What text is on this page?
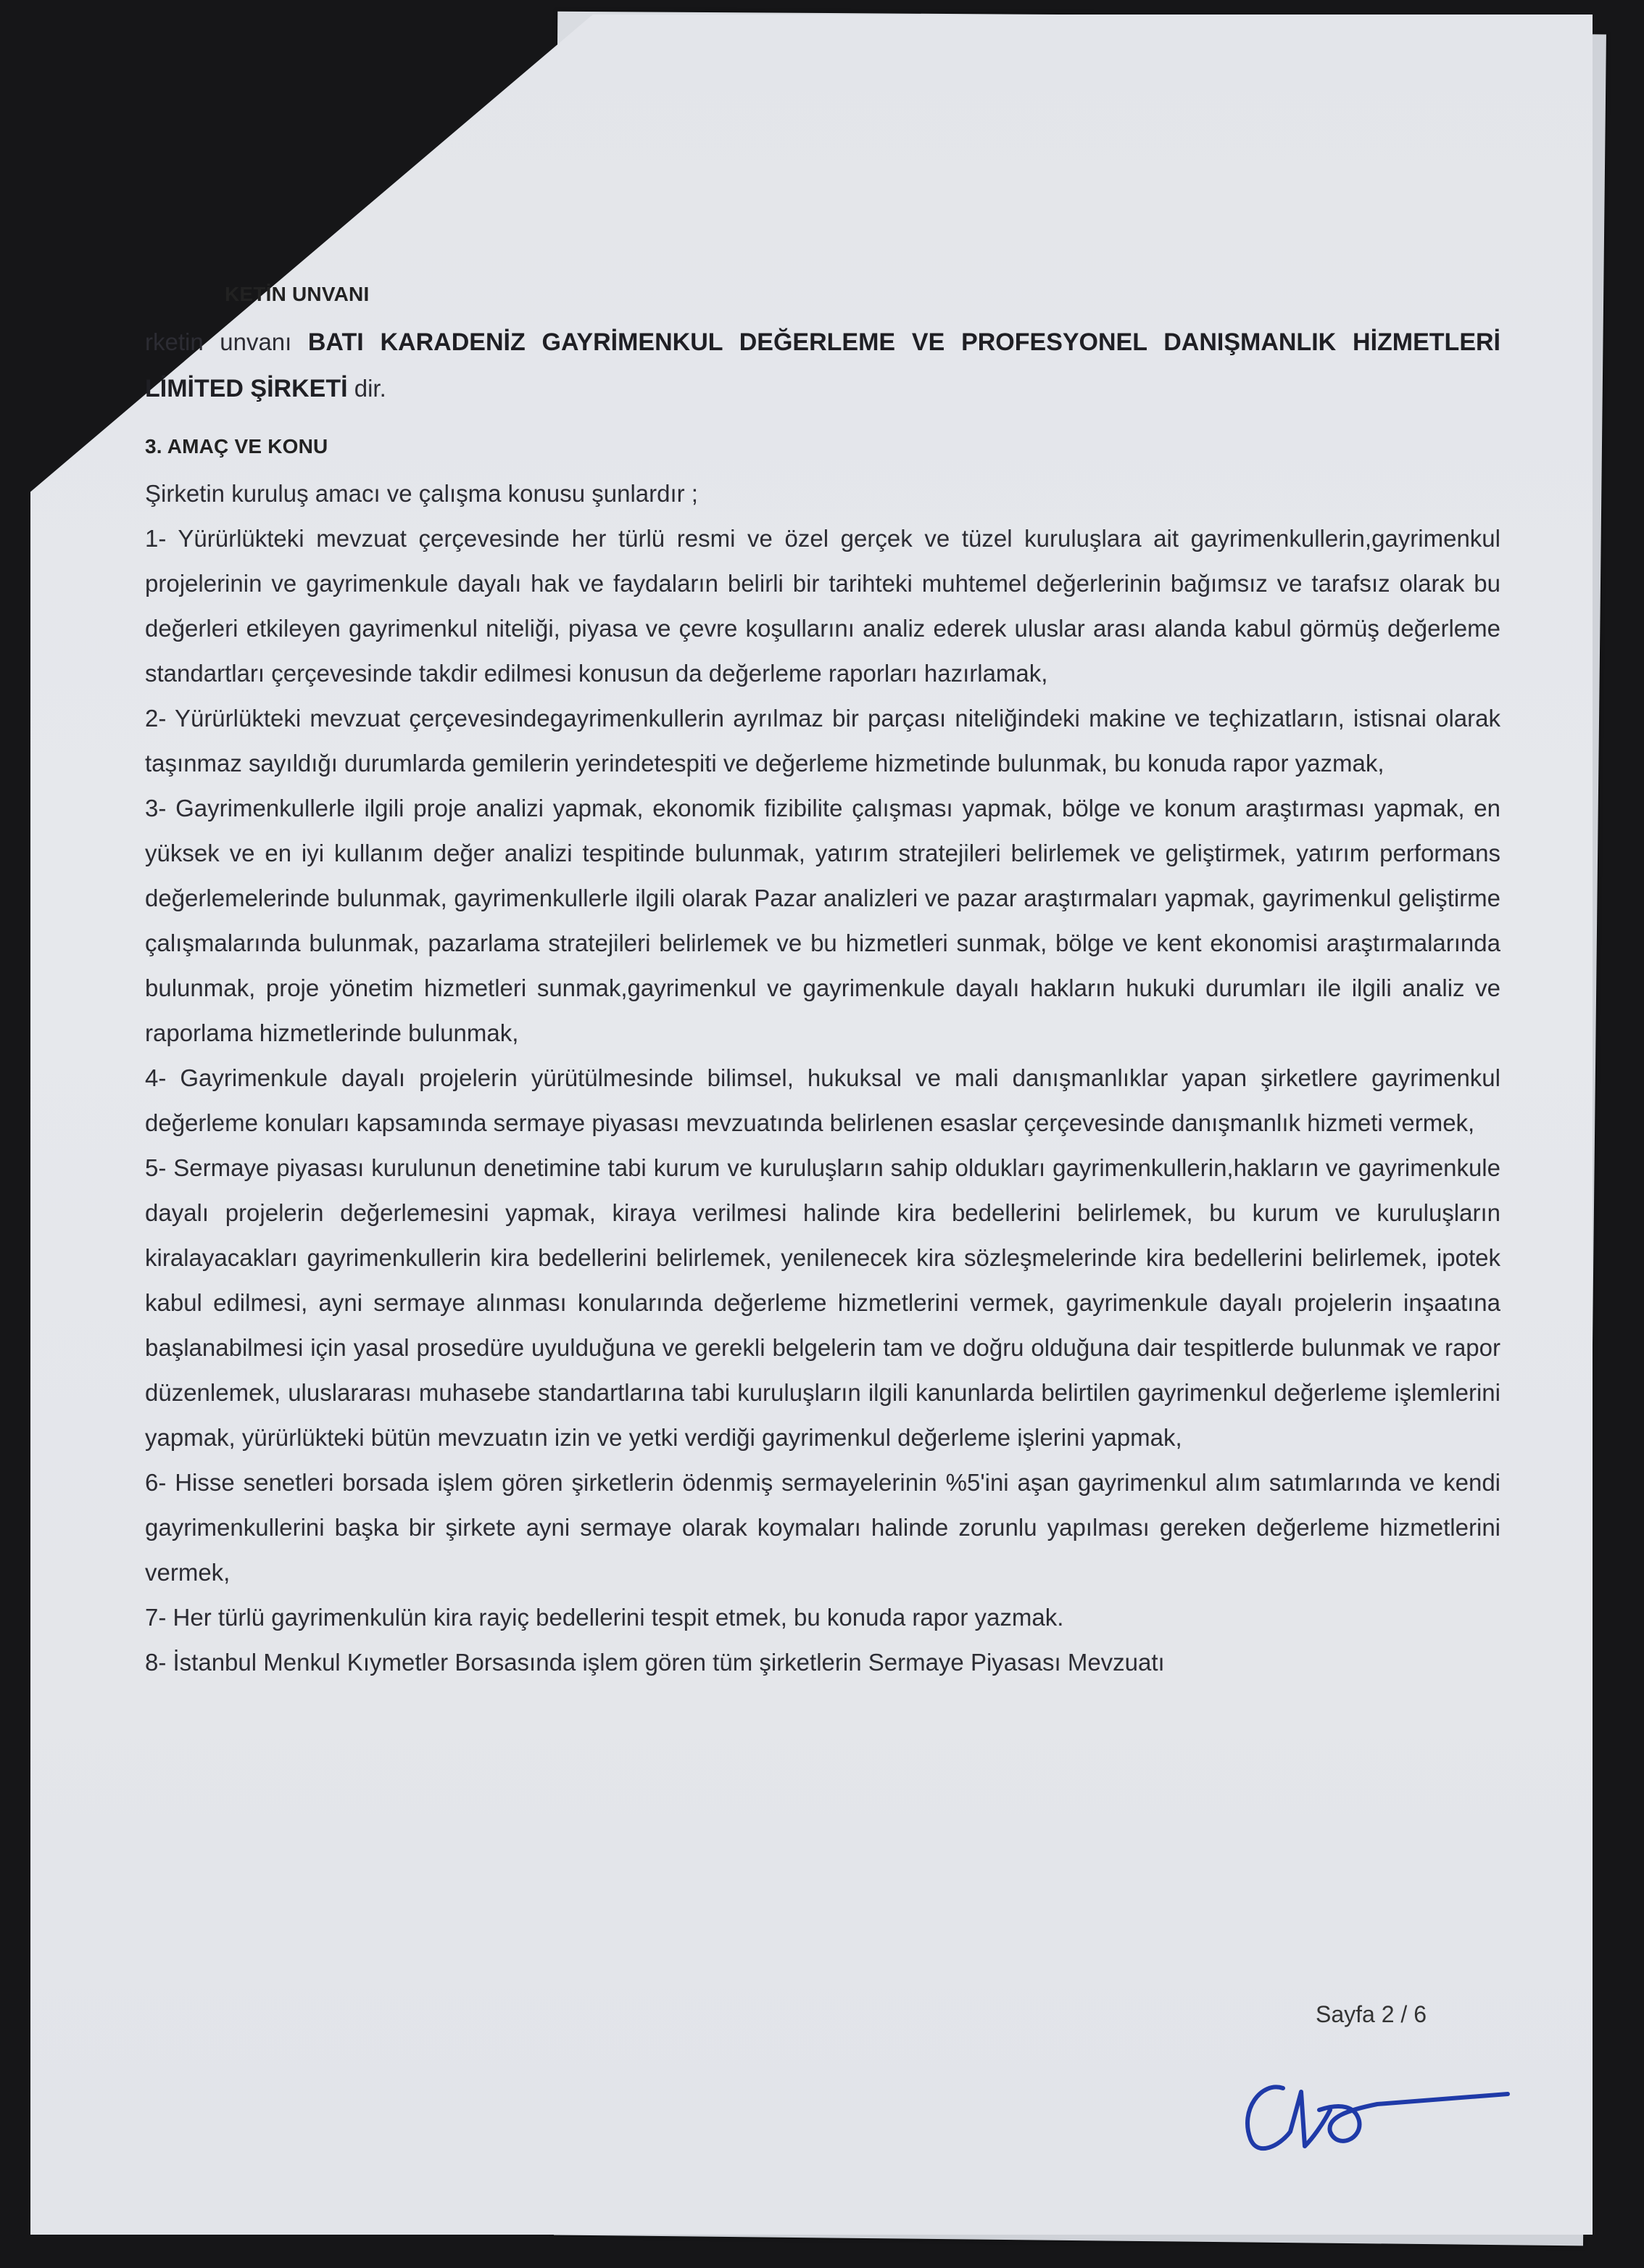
KETİN UNVANI

rketin unvanı BATI KARADENİZ GAYRİMENKUL DEĞERLEME VE PROFESYONEL DANIŞMANLIK HİZMETLERİ LİMİTED ŞİRKETİ dir.

3. AMAÇ VE KONU

Şirketin kuruluş amacı ve çalışma konusu şunlardır ;

1- Yürürlükteki mevzuat çerçevesinde her türlü resmi ve özel gerçek ve tüzel kuruluşlara ait gayrimenkullerin,gayrimenkul projelerinin ve gayrimenkule dayalı hak ve faydaların belirli bir tarihteki muhtemel değerlerinin bağımsız ve tarafsız olarak bu değerleri etkileyen gayrimenkul niteliği, piyasa ve çevre koşullarını analiz ederek uluslar arası alanda kabul görmüş değerleme standartları çerçevesinde takdir edilmesi konusun da değerleme raporları hazırlamak,

2- Yürürlükteki mevzuat çerçevesindegayrimenkullerin ayrılmaz bir parçası niteliğindeki makine ve teçhizatların, istisnai olarak taşınmaz sayıldığı durumlarda gemilerin yerindetespiti ve değerleme hizmetinde bulunmak, bu konuda rapor yazmak,

3- Gayrimenkullerle ilgili proje analizi yapmak, ekonomik fizibilite çalışması yapmak, bölge ve konum araştırması yapmak, en yüksek ve en iyi kullanım değer analizi tespitinde bulunmak, yatırım stratejileri belirlemek ve geliştirmek, yatırım performans değerlemelerinde bulunmak, gayrimenkullerle ilgili olarak Pazar analizleri ve pazar araştırmaları yapmak, gayrimenkul geliştirme çalışmalarında bulunmak, pazarlama stratejileri belirlemek ve bu hizmetleri sunmak, bölge ve kent ekonomisi araştırmalarında bulunmak, proje yönetim hizmetleri sunmak,gayrimenkul ve gayrimenkule dayalı hakların hukuki durumları ile ilgili analiz ve raporlama hizmetlerinde bulunmak,

4- Gayrimenkule dayalı projelerin yürütülmesinde bilimsel, hukuksal ve mali danışmanlıklar yapan şirketlere gayrimenkul değerleme konuları kapsamında sermaye piyasası mevzuatında belirlenen esaslar çerçevesinde danışmanlık hizmeti vermek,

5- Sermaye piyasası kurulunun denetimine tabi kurum ve kuruluşların sahip oldukları gayrimenkullerin,hakların ve gayrimenkule dayalı projelerin değerlemesini yapmak, kiraya verilmesi halinde kira bedellerini belirlemek, bu kurum ve kuruluşların kiralayacakları gayrimenkullerin kira bedellerini belirlemek, yenilenecek kira sözleşmelerinde kira bedellerini belirlemek, ipotek kabul edilmesi, ayni sermaye alınması konularında değerleme hizmetlerini vermek, gayrimenkule dayalı projelerin inşaatına başlanabilmesi için yasal prosedüre uyulduğuna ve gerekli belgelerin tam ve doğru olduğuna dair tespitlerde bulunmak ve rapor düzenlemek, uluslararası muhasebe standartlarına tabi kuruluşların ilgili kanunlarda belirtilen gayrimenkul değerleme işlemlerini yapmak, yürürlükteki bütün mevzuatın izin ve yetki verdiği gayrimenkul değerleme işlerini yapmak,

6- Hisse senetleri borsada işlem gören şirketlerin ödenmiş sermayelerinin %5'ini aşan gayrimenkul alım satımlarında ve kendi gayrimenkullerini başka bir şirkete ayni sermaye olarak koymaları halinde zorunlu yapılması gereken değerleme hizmetlerini vermek,

7- Her türlü gayrimenkulün kira rayiç bedellerini tespit etmek, bu konuda rapor yazmak.

8- İstanbul Menkul Kıymetler Borsasında işlem gören tüm şirketlerin Sermaye Piyasası Mevzuatı

Sayfa 2 / 6
